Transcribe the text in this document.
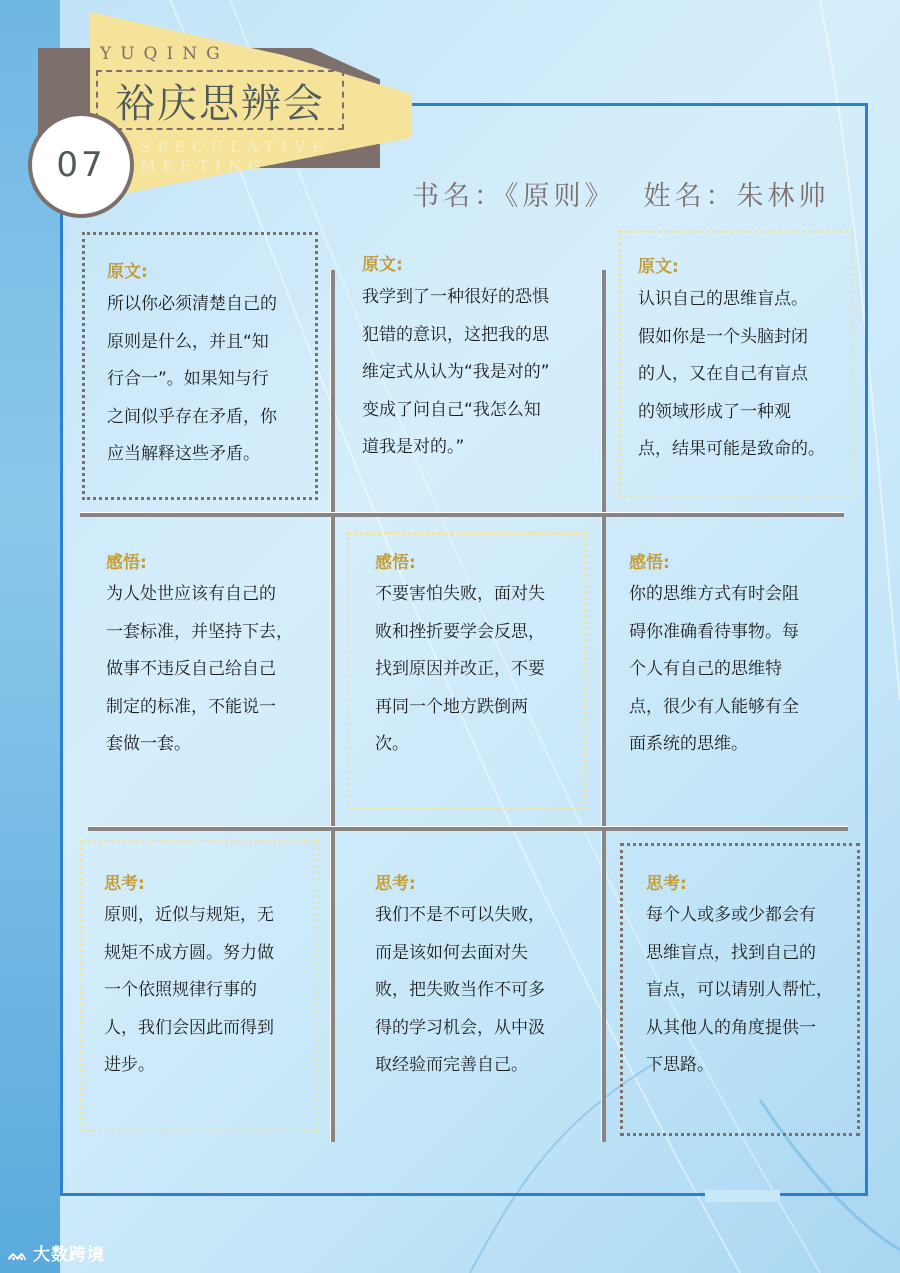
YUQING
裕庆思辨会
SPECULATIVE
MEETING
07
书名：《原则》 姓名：朱林帅
原文:
所以你必须清楚自己的
原则是什么，并且“知
行合一”。如果知与行
之间似乎存在矛盾，你
应当解释这些矛盾。
原文:
我学到了一种很好的恐惧
犯错的意识，这把我的思
维定式从认为“我是对的”
变成了问自己“我怎么知
道我是对的。”
原文:
认识自己的思维盲点。
假如你是一个头脑封闭
的人，又在自己有盲点
的领域形成了一种观
点，结果可能是致命的。
感悟:
为人处世应该有自己的
一套标准，并坚持下去，
做事不违反自己给自己
制定的标准，不能说一
套做一套。
感悟:
不要害怕失败，面对失
败和挫折要学会反思，
找到原因并改正，不要
再同一个地方跌倒两
次。
感悟:
你的思维方式有时会阻
碍你准确看待事物。每
个人有自己的思维特
点，很少有人能够有全
面系统的思维。
思考:
原则，近似与规矩，无
规矩不成方圆。努力做
一个依照规律行事的
人，我们会因此而得到
进步。
思考:
我们不是不可以失败，
而是该如何去面对失
败，把失败当作不可多
得的学习机会，从中汲
取经验而完善自己。
思考:
每个人或多或少都会有
思维盲点，找到自己的
盲点，可以请别人帮忙，
从其他人的角度提供一
下思路。
ᨐ 大数跨境
